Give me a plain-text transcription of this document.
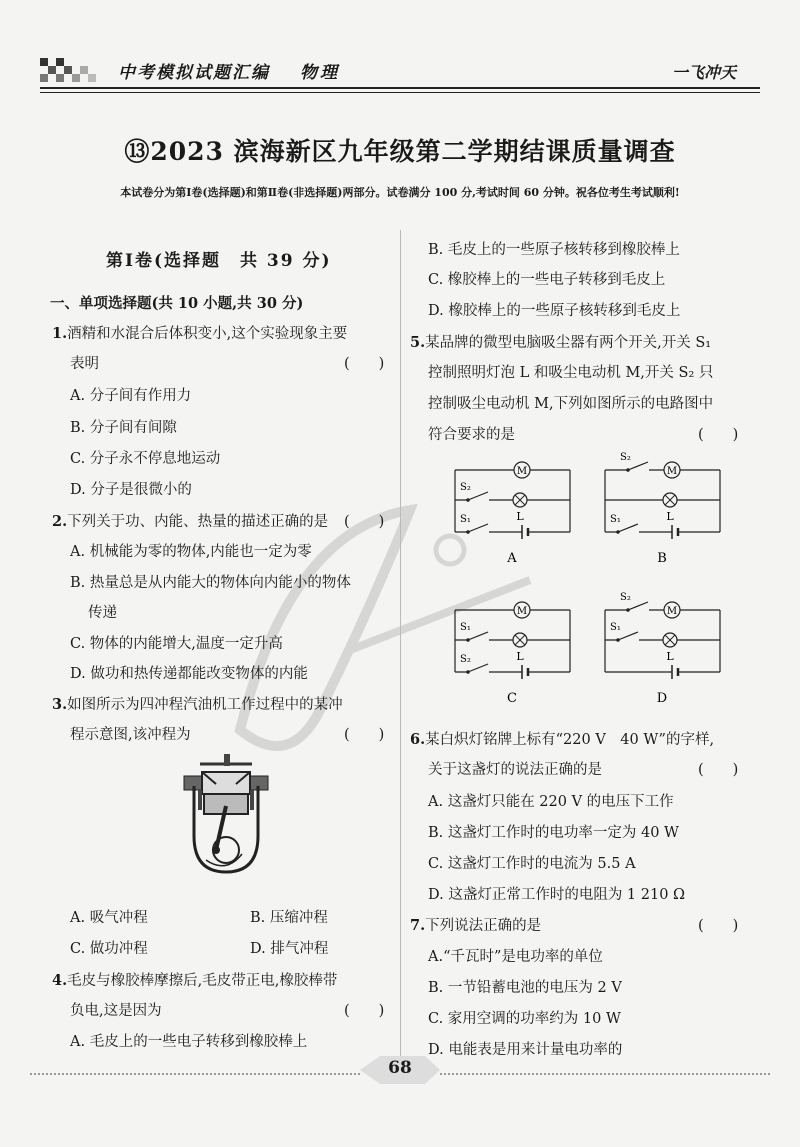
中考模拟试题汇编 物理	一飞冲天
⑬2023 滨海新区九年级第二学期结课质量调查
本试卷分为第Ⅰ卷(选择题)和第Ⅱ卷(非选择题)两部分。试卷满分 100 分,考试时间 60 分钟。祝各位考生考试顺利!
第Ⅰ卷(选择题　共 39 分)
一、单项选择题(共 10 小题,共 30 分)
1.酒精和水混合后体积变小,这个实验现象主要
表明	(　　)
A. 分子间有作用力
B. 分子间有间隙
C. 分子永不停息地运动
D. 分子是很微小的
2.下列关于功、内能、热量的描述正确的是 (　　)
A. 机械能为零的物体,内能也一定为零
B. 热量总是从内能大的物体向内能小的物体
传递
C. 物体的内能增大,温度一定升高
D. 做功和热传递都能改变物体的内能
3.如图所示为四冲程汽油机工作过程中的某冲
程示意图,该冲程为	(　　)
A. 吸气冲程	B. 压缩冲程
C. 做功冲程	D. 排气冲程
4.毛皮与橡胶棒摩擦后,毛皮带正电,橡胶棒带
负电,这是因为	(　　)
A. 毛皮上的一些电子转移到橡胶棒上
B. 毛皮上的一些原子核转移到橡胶棒上
C. 橡胶棒上的一些电子转移到毛皮上
D. 橡胶棒上的一些原子核转移到毛皮上
5.某品牌的微型电脑吸尘器有两个开关,开关 S₁
控制照明灯泡 L 和吸尘电动机 M,开关 S₂ 只
控制吸尘电动机 M,下列如图所示的电路图中
符合要求的是	(　　)
M
L
S₂
S₁
A
M
L
S₂
S₁
B
M
L
S₁
S₂
C
M
L
S₂
S₁
D
6.某白炽灯铭牌上标有“220 V　40 W”的字样,
关于这盏灯的说法正确的是	(　　)
A. 这盏灯只能在 220 V 的电压下工作
B. 这盏灯工作时的电功率一定为 40 W
C. 这盏灯工作时的电流为 5.5 A
D. 这盏灯正常工作时的电阻为 1 210 Ω
7.下列说法正确的是	(　　)
A.“千瓦时”是电功率的单位
B. 一节铅蓄电池的电压为 2 V
C. 家用空调的功率约为 10 W
D. 电能表是用来计量电功率的
68
